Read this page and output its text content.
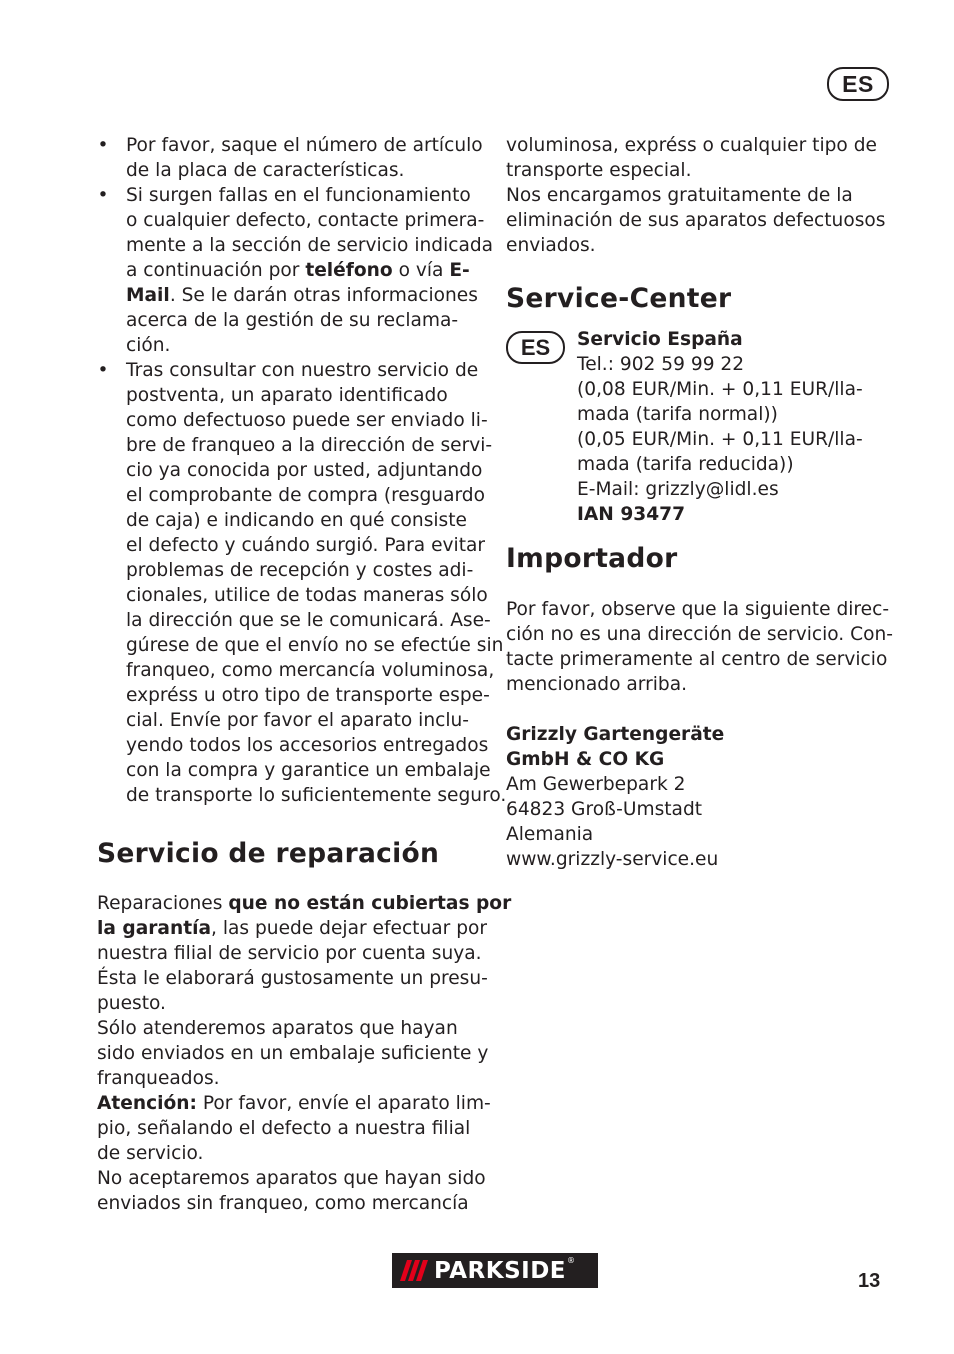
ES
• Por favor, saque el número de artículo
de la placa de características.
• Si surgen fallas en el funcionamiento
o cualquier defecto, contacte primera-
mente a la sección de servicio indicada
a continuación por teléfono o vía E-
Mail. Se le darán otras informaciones
acerca de la gestión de su reclama-
ción.
• Tras consultar con nuestro servicio de
postventa, un aparato identificado
como defectuoso puede ser enviado li-
bre de franqueo a la dirección de servi-
cio ya conocida por usted, adjuntando
el comprobante de compra (resguardo
de caja) e indicando en qué consiste
el defecto y cuándo surgió. Para evitar
problemas de recepción y costes adi-
cionales, utilice de todas maneras sólo
la dirección que se le comunicará. Ase-
gúrese de que el envío no se efectúe sin
franqueo, como mercancía voluminosa,
expréss u otro tipo de transporte espe-
cial. Envíe por favor el aparato inclu-
yendo todos los accesorios entregados
con la compra y garantice un embalaje
de transporte lo suficientemente seguro.
Servicio de reparación
Reparaciones que no están cubiertas por
la garantía, las puede dejar efectuar por
nuestra filial de servicio por cuenta suya.
Ésta le elaborará gustosamente un presu-
puesto.
Sólo atenderemos aparatos que hayan
sido enviados en un embalaje suficiente y
franqueados.
Atención: Por favor, envíe el aparato lim-
pio, señalando el defecto a nuestra filial
de servicio.
No aceptaremos aparatos que hayan sido
enviados sin franqueo, como mercancía
voluminosa, expréss o cualquier tipo de
transporte especial.
Nos encargamos gratuitamente de la
eliminación de sus aparatos defectuosos
enviados.
Service-Center
ES	Servicio España
Tel.: 902 59 99 22
(0,08 EUR/Min. + 0,11 EUR/lla-
mada (tarifa normal))
(0,05 EUR/Min. + 0,11 EUR/lla-
mada (tarifa reducida))
E-Mail: grizzly@lidl.es
IAN 93477
Importador
Por favor, observe que la siguiente direc-
ción no es una dirección de servicio. Con-
tacte primeramente al centro de servicio
mencionado arriba.
Grizzly Gartengeräte
GmbH & CO KG
Am Gewerbepark 2
64823 Groß-Umstadt
Alemania
www.grizzly-service.eu
PARKSIDE ®
13
